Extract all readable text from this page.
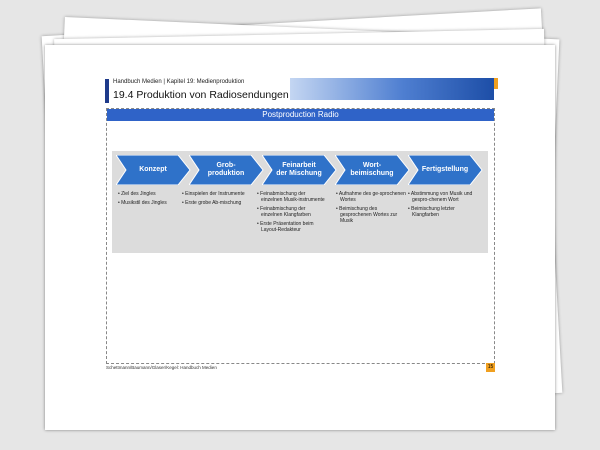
Handbuch Medien | Kapitel 19: Medienproduktion
19.4 Produktion von Radiosendungen
Postproduction Radio
Konzept
Grob-
produktion
Feinarbeit
der Mischung
Wort-
beimischung
Fertigstellung
• Ziel des Jingles
• Musikstil des Jingles
• Einspielen der Instrumente
• Erste grobe Ab-mischung
• Feinabmischung der einzelnen Musik-instrumente
• Feinabmischung der einzelnen Klangfarben
• Erste Präsentation beim Layout-Redakteur
• Aufnahme des ge-sprochenen Wortes
• Beimischung des gesprochenen Wortes zur Musik
• Abstimmung von Musik und gespro-chenem Wort
• Beimischung letzter Klangfarben
Schettmann/Baumann/Glaser/Kegel: Handbuch Medien	15
